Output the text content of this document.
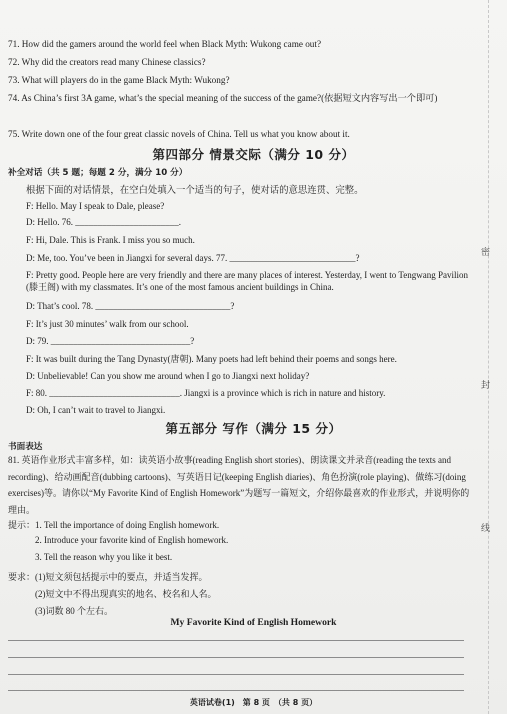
71. How did the gamers around the world feel when Black Myth: Wukong came out?
72. Why did the creators read many Chinese classics?
73. What will players do in the game Black Myth: Wukong?
74. As China’s first 3A game, what’s the special meaning of the success of the game?(依据短文内容写出一个即可)
75. Write down one of the four great classic novels of China. Tell us what you know about it.
第四部分 情景交际（满分 10 分）
补全对话（共 5 题；每题 2 分，满分 10 分）
根据下面的对话情景，在空白处填入一个适当的句子，使对话的意思连贯、完整。
F: Hello. May I speak to Dale, please?
D: Hello. 76. _______________________.
F: Hi, Dale. This is Frank. I miss you so much.
D: Me, too. You’ve been in Jiangxi for several days. 77. ____________________________?
F: Pretty good. People here are very friendly and there are many places of interest. Yesterday, I went to Tengwang Pavilion (滕王阁) with my classmates. It’s one of the most famous ancient buildings in China.
D: That’s cool. 78. ______________________________?
F: It’s just 30 minutes’ walk from our school.
D: 79. _______________________________?
F: It was built during the Tang Dynasty(唐朝). Many poets had left behind their poems and songs here.
D: Unbelievable! Can you show me around when I go to Jiangxi next holiday?
F: 80. _____________________________. Jiangxi is a province which is rich in nature and history.
D: Oh, I can’t wait to travel to Jiangxi.
第五部分 写作（满分 15 分）
书面表达
81. 英语作业形式丰富多样，如：读英语小故事(reading English short stories)、朗读课文并录音(reading the texts and recording)、给动画配音(dubbing cartoons)、写英语日记(keeping English diaries)、角色扮演(role playing)、做练习(doing exercises)等。请你以“My Favorite Kind of English Homework”为题写一篇短文，介绍你最喜欢的作业形式，并说明你的理由。
提示：1. Tell the importance of doing English homework.
2. Introduce your favorite kind of English homework.
3. Tell the reason why you like it best.
要求：(1)短文须包括提示中的要点，并适当发挥。
(2)短文中不得出现真实的地名、校名和人名。
(3)词数 80 个左右。
My Favorite Kind of English Homework
英语试卷(1)　第 8 页　（共 8 页）
密
封
线
